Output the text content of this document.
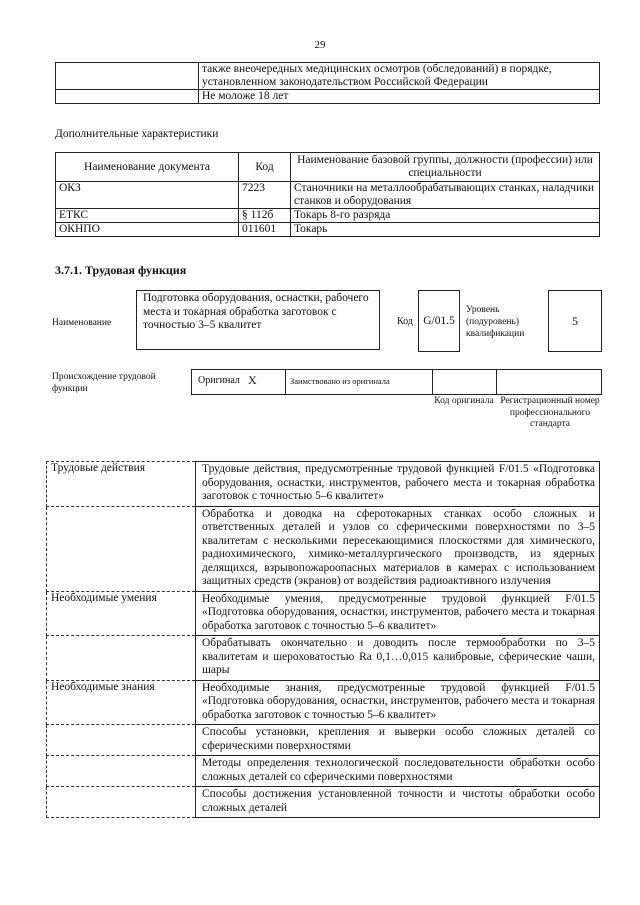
29
	также внеочередных медицинских осмотров (обследований) в порядке, установленном законодательством Российской Федерации
	Не моложе 18 лет
Дополнительные характеристики
Наименование документа	Код	Наименование базовой группы, должности (профессии) или специальности
ОКЗ	7223	Станочники на металлообрабатывающих станках, наладчики станков и оборудования
ЕТКС	§ 112б	Токарь 8-го разряда
ОКНПО	011601	Токарь
3.7.1. Трудовая функция
Наименование
Подготовка оборудования, оснастки, рабочего места и токарная обработка заготовок с точностью 3–5 квалитет	Код G/01.5
Уровень (подуровень) квалификации
5
Происхождение трудовой функции
Оригинал Х	Заимствовано из оригинала
Код оригинала Регистрационный номер профессионального стандарта
Трудовые действия	Трудовые действия, предусмотренные трудовой функцией F/01.5 «Подготовка оборудования, оснастки, инструментов, рабочего места и токарная обработка заготовок с точностью 5–6 квалитет»

	Обработка и доводка на сферотокарных станках особо сложных и ответственных деталей и узлов со сферическими поверхностями по 3–5 квалитетам с несколькими пересекающимися плоскостями для химического, радиохимического, химико-металлургического производств, из ядерных делящихся, взрывопожароопасных материалов в камерах с использованием защитных средств (экранов) от воздействия радиоактивного излучения

Необходимые умения	Необходимые умения, предусмотренные трудовой функцией F/01.5 «Подготовка оборудования, оснастки, инструментов, рабочего места и токарная обработка заготовок с точностью 5–6 квалитет»

	Обрабатывать окончательно и доводить после термообработки по 3–5 квалитетам и шероховатостью Ra 0,1…0,015 калибровые, сферические чаши, шары

Необходимые знания	Необходимые знания, предусмотренные трудовой функцией F/01.5 «Подготовка оборудования, оснастки, инструментов, рабочего места и токарная обработка заготовок с точностью 5–6 квалитет»

	Способы установки, крепления и выверки особо сложных деталей со сферическими поверхностями

	Методы определения технологической последовательности обработки особо сложных деталей со сферическими поверхностями

	Способы достижения установленной точности и чистоты обработки особо сложных деталей
